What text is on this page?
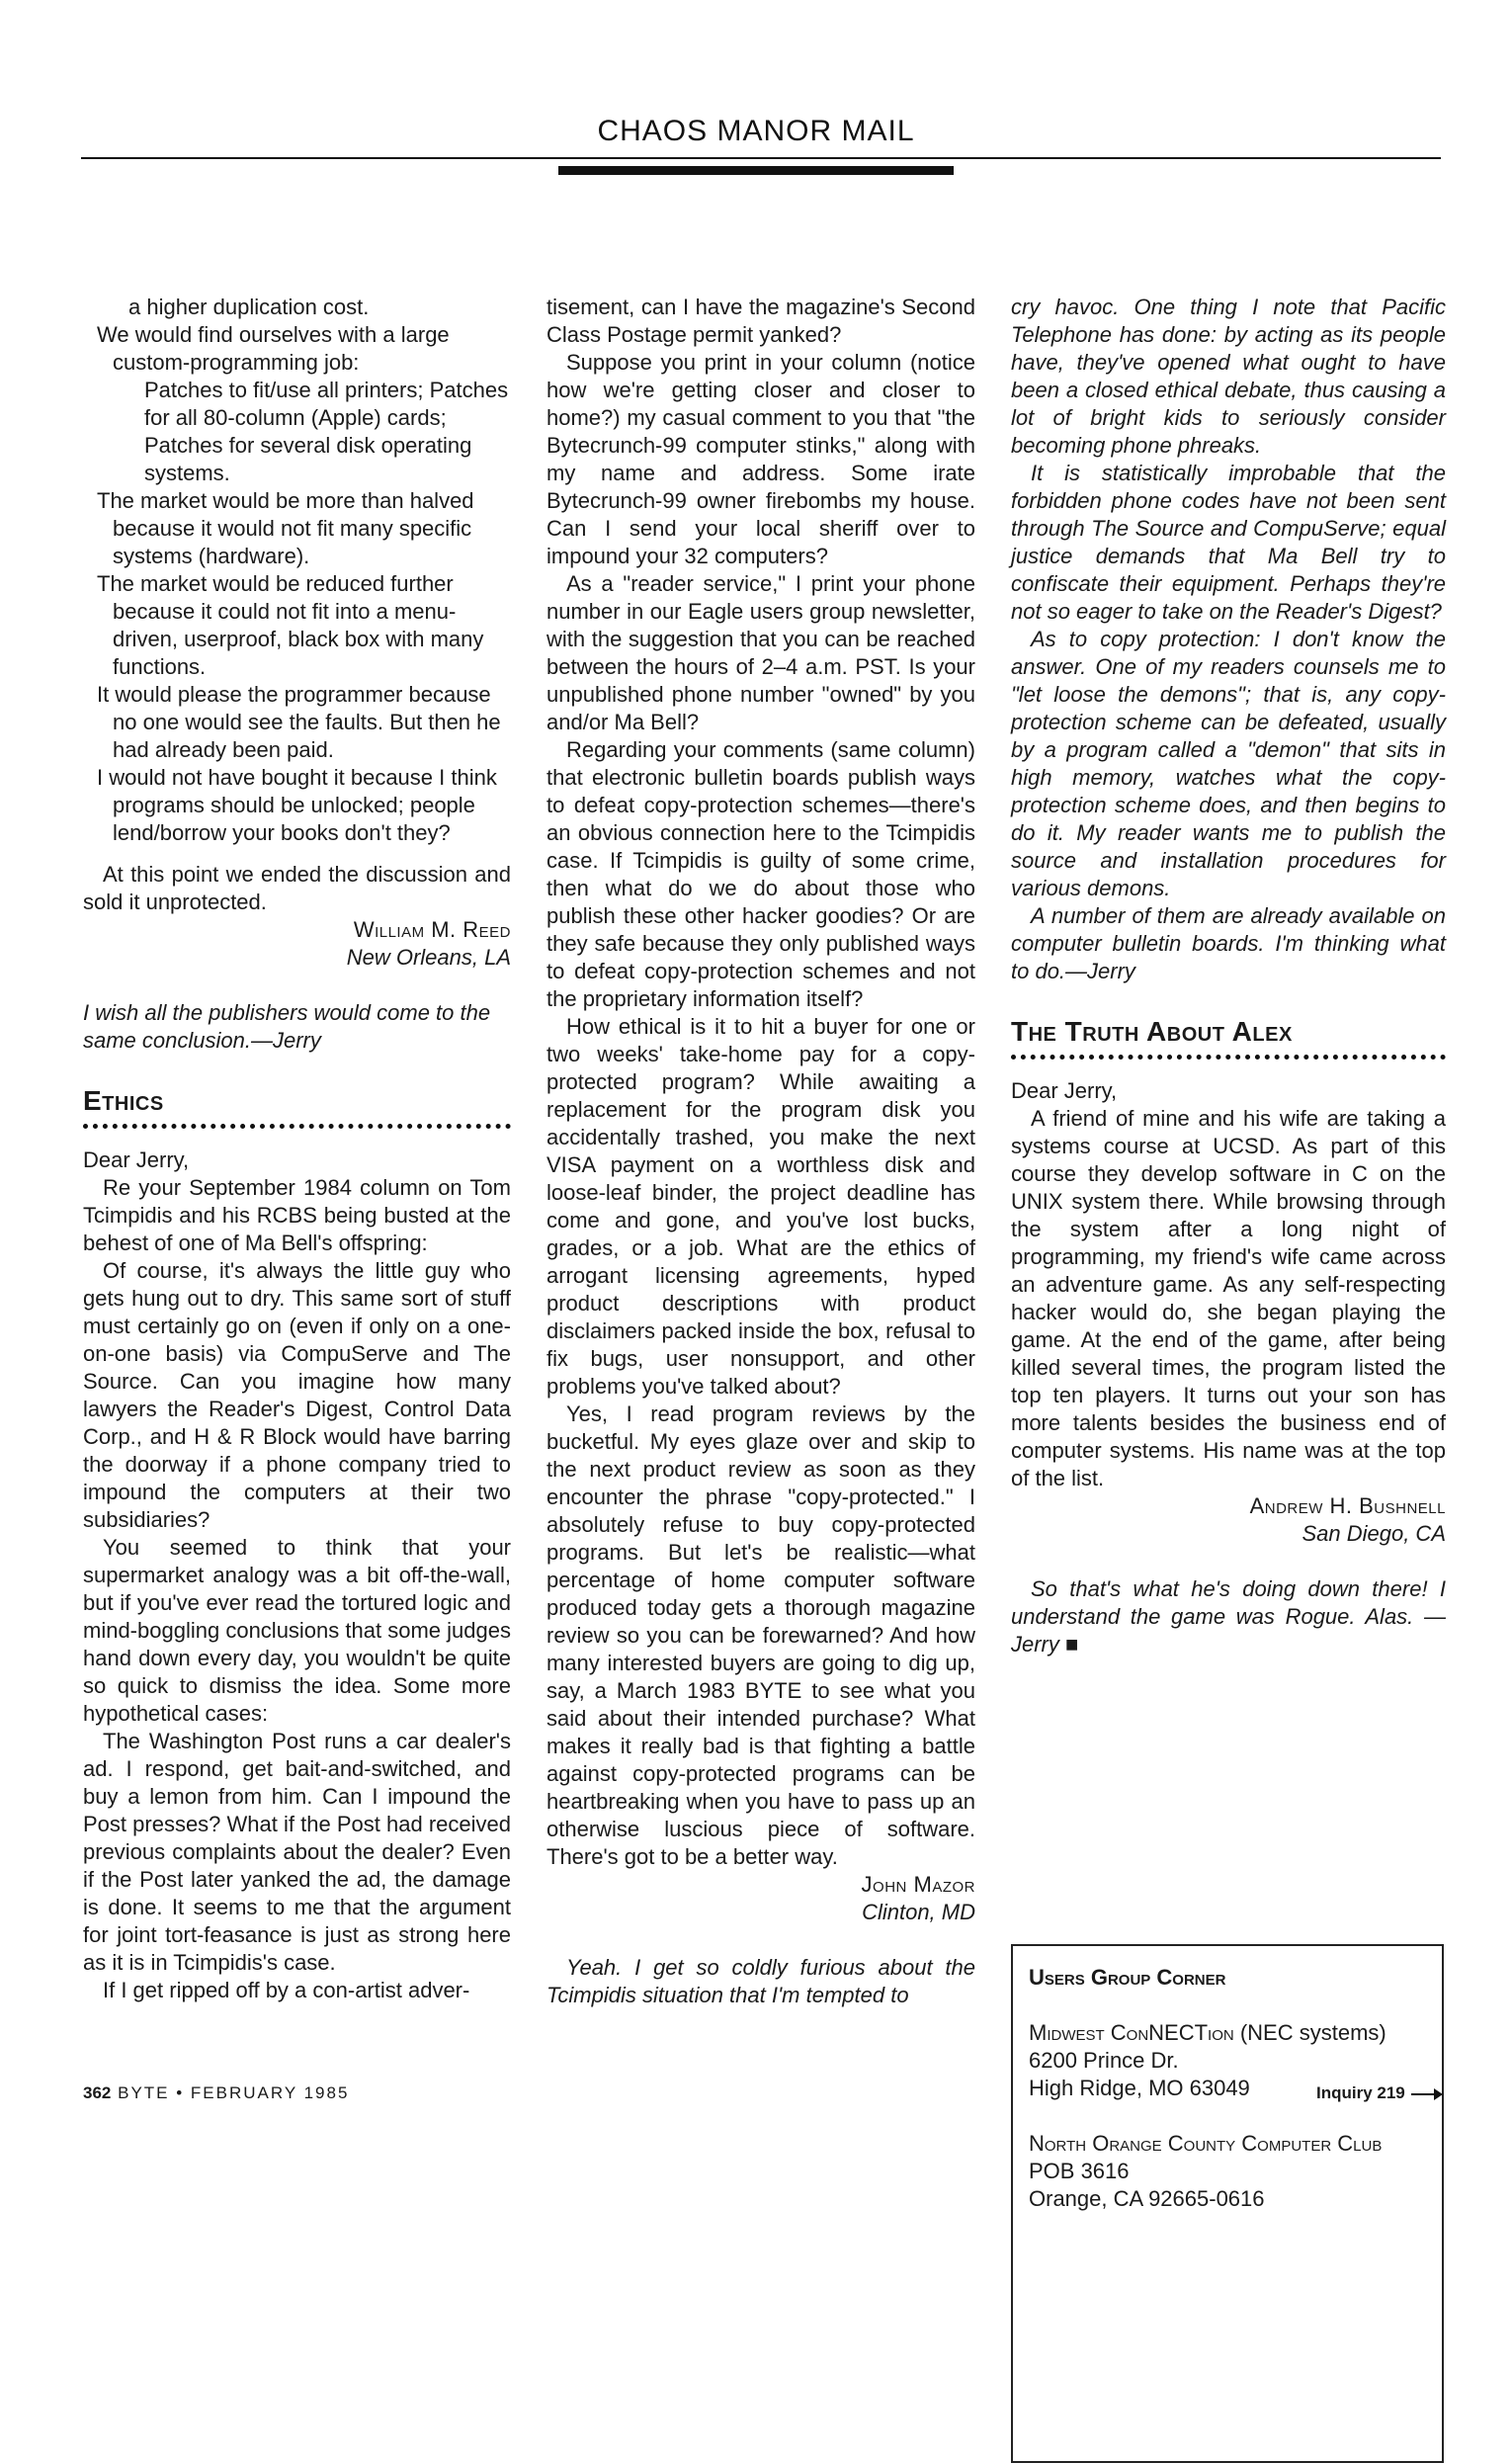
CHAOS MANOR MAIL

a higher duplication cost.

We would find ourselves with a large custom-programming job:

Patches to fit/use all printers; Patches for all 80-column (Apple) cards; Patches for several disk operating systems.

The market would be more than halved because it would not fit many specific systems (hardware).

The market would be reduced further because it could not fit into a menu-driven, userproof, black box with many functions.

It would please the programmer because no one would see the faults. But then he had already been paid.

I would not have bought it because I think programs should be unlocked; people lend/borrow your books don't they?

At this point we ended the discussion and sold it unprotected.

William M. Reed

New Orleans, LA

I wish all the publishers would come to the same conclusion.—Jerry

Ethics

Dear Jerry,

Re your September 1984 column on Tom Tcimpidis and his RCBS being busted at the behest of one of Ma Bell's offspring:

Of course, it's always the little guy who gets hung out to dry. This same sort of stuff must certainly go on (even if only on a one-on-one basis) via CompuServe and The Source. Can you imagine how many lawyers the Reader's Digest, Control Data Corp., and H & R Block would have barring the doorway if a phone company tried to impound the computers at their two subsidiaries?

You seemed to think that your supermarket analogy was a bit off-the-wall, but if you've ever read the tortured logic and mind-boggling conclusions that some judges hand down every day, you wouldn't be quite so quick to dismiss the idea. Some more hypothetical cases:

The Washington Post runs a car dealer's ad. I respond, get bait-and-switched, and buy a lemon from him. Can I impound the Post presses? What if the Post had received previous complaints about the dealer? Even if the Post later yanked the ad, the damage is done. It seems to me that the argument for joint tort-feasance is just as strong here as it is in Tcimpidis's case.

If I get ripped off by a con-artist adver-

tisement, can I have the magazine's Second Class Postage permit yanked?

Suppose you print in your column (notice how we're getting closer and closer to home?) my casual comment to you that "the Bytecrunch-99 computer stinks," along with my name and address. Some irate Bytecrunch-99 owner firebombs my house. Can I send your local sheriff over to impound your 32 computers?

As a "reader service," I print your phone number in our Eagle users group newsletter, with the suggestion that you can be reached between the hours of 2–4 a.m. PST. Is your unpublished phone number "owned" by you and/or Ma Bell?

Regarding your comments (same column) that electronic bulletin boards publish ways to defeat copy-protection schemes—there's an obvious connection here to the Tcimpidis case. If Tcimpidis is guilty of some crime, then what do we do about those who publish these other hacker goodies? Or are they safe because they only published ways to defeat copy-protection schemes and not the proprietary information itself?

How ethical is it to hit a buyer for one or two weeks' take-home pay for a copy-protected program? While awaiting a replacement for the program disk you accidentally trashed, you make the next VISA payment on a worthless disk and loose-leaf binder, the project deadline has come and gone, and you've lost bucks, grades, or a job. What are the ethics of arrogant licensing agreements, hyped product descriptions with product disclaimers packed inside the box, refusal to fix bugs, user nonsupport, and other problems you've talked about?

Yes, I read program reviews by the bucketful. My eyes glaze over and skip to the next product review as soon as they encounter the phrase "copy-protected." I absolutely refuse to buy copy-protected programs. But let's be realistic—what percentage of home computer software produced today gets a thorough magazine review so you can be forewarned? And how many interested buyers are going to dig up, say, a March 1983 BYTE to see what you said about their intended purchase? What makes it really bad is that fighting a battle against copy-protected programs can be heartbreaking when you have to pass up an otherwise luscious piece of software. There's got to be a better way.

John Mazor

Clinton, MD

Yeah. I get so coldly furious about the Tcimpidis situation that I'm tempted to

cry havoc. One thing I note that Pacific Telephone has done: by acting as its people have, they've opened what ought to have been a closed ethical debate, thus causing a lot of bright kids to seriously consider becoming phone phreaks.

It is statistically improbable that the forbidden phone codes have not been sent through The Source and CompuServe; equal justice demands that Ma Bell try to confiscate their equipment. Perhaps they're not so eager to take on the Reader's Digest?

As to copy protection: I don't know the answer. One of my readers counsels me to "let loose the demons"; that is, any copy-protection scheme can be defeated, usually by a program called a "demon" that sits in high memory, watches what the copy-protection scheme does, and then begins to do it. My reader wants me to publish the source and installation procedures for various demons.

A number of them are already available on computer bulletin boards. I'm thinking what to do.—Jerry

The Truth About Alex

Dear Jerry,

A friend of mine and his wife are taking a systems course at UCSD. As part of this course they develop software in C on the UNIX system there. While browsing through the system after a long night of programming, my friend's wife came across an adventure game. As any self-respecting hacker would do, she began playing the game. At the end of the game, after being killed several times, the program listed the top ten players. It turns out your son has more talents besides the business end of computer systems. His name was at the top of the list.

Andrew H. Bushnell

San Diego, CA

So that's what he's doing down there! I understand the game was Rogue. Alas. —Jerry ■

Users Group Corner
Midwest ConNECTion (NEC systems)
6200 Prince Dr.
High Ridge, MO 63049
North Orange County Computer Club
POB 3616
Orange, CA 92665-0616
362 BYTE • FEBRUARY 1985	Inquiry 219
